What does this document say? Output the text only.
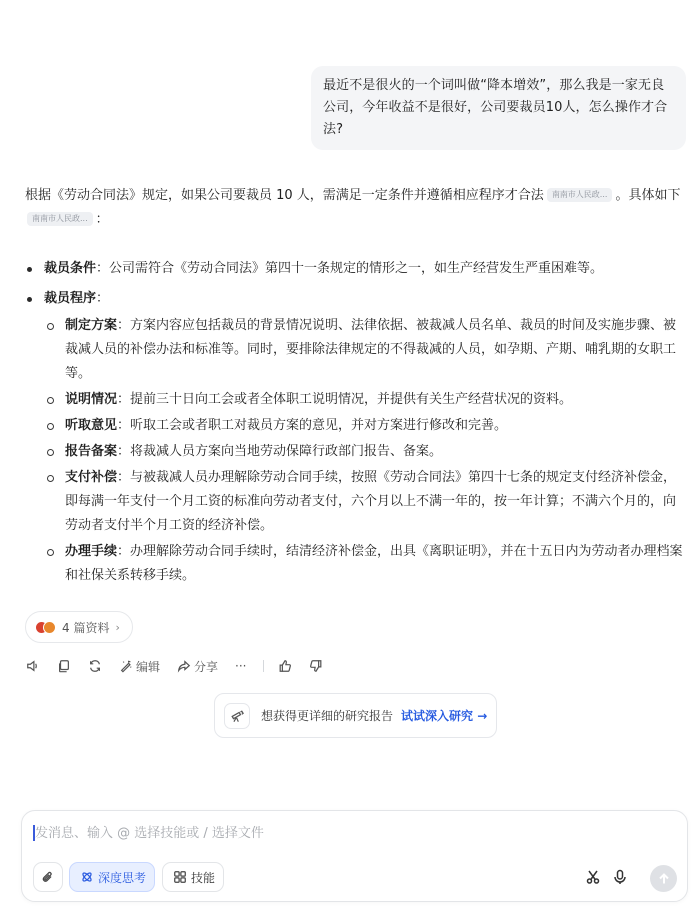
最近不是很火的一个词叫做“降本增效”，那么我是一家无良公司，今年收益不是很好，公司要裁员10人，怎么操作才合法?
根据《劳动合同法》规定，如果公司要裁员 10 人，需满足一定条件并遵循相应程序才合法 南南市人民政... 。具体如下南南市人民政... ：
裁员条件：公司需符合《劳动合同法》第四十一条规定的情形之一，如生产经营发生严重困难等。
裁员程序：
制定方案：方案内容应包括裁员的背景情况说明、法律依据、被裁减人员名单、裁员的时间及实施步骤、被裁减人员的补偿办法和标准等。同时，要排除法律规定的不得裁减的人员，如孕期、产期、哺乳期的女职工等。
说明情况：提前三十日向工会或者全体职工说明情况，并提供有关生产经营状况的资料。
听取意见：听取工会或者职工对裁员方案的意见，并对方案进行修改和完善。
报告备案：将裁减人员方案向当地劳动保障行政部门报告、备案。
支付补偿：与被裁减人员办理解除劳动合同手续，按照《劳动合同法》第四十七条的规定支付经济补偿金，即每满一年支付一个月工资的标准向劳动者支付，六个月以上不满一年的，按一年计算；不满六个月的，向劳动者支付半个月工资的经济补偿。
办理手续：办理解除劳动合同手续时，结清经济补偿金，出具《离职证明》，并在十五日内为劳动者办理档案和社保关系转移手续。
4 篇资料 ›
编辑	分享 ···
想获得更详细的研究报告 试试深入研究 →
发消息、输入 @ 选择技能或 / 选择文件
深度思考	技能
